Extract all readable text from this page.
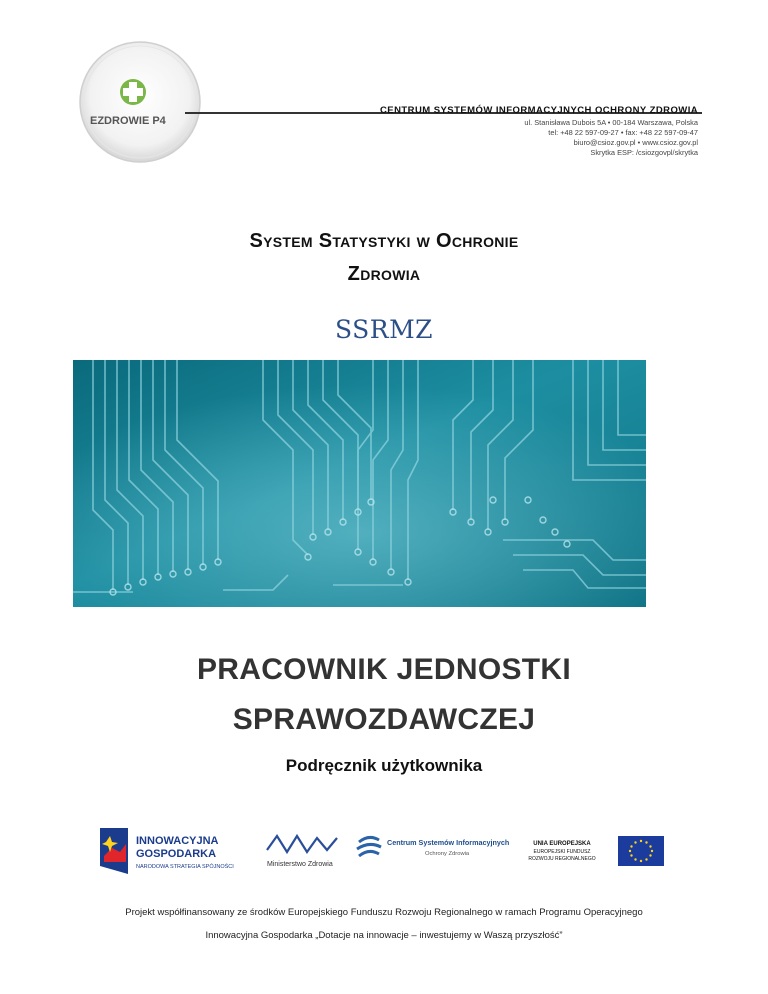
EZDROWIE P4
CENTRUM SYSTEMÓW INFORMACYJNYCH OCHRONY ZDROWIA
ul. Stanisława Dubois 5A • 00-184 Warszawa, Polska
tel: +48 22 597-09-27 • fax: +48 22 597-09-47
biuro@csioz.gov.pl • www.csioz.gov.pl
Skrytka ESP: /csiozgovpl/skrytka
System Statystyki w Ochronie
Zdrowia
SSRMZ
PRACOWNIK JEDNOSTKI
SPRAWOZDAWCZEJ
Podręcznik użytkownika
INNOWACYJNA
GOSPODARKA
NARODOWA STRATEGIA SPÓJNOŚCI	Ministerstwo Zdrowia
Centrum Systemów Informacyjnych
Ochrony Zdrowia
UNIA EUROPEJSKA
EUROPEJSKI FUNDUSZ
ROZWOJU REGIONALNEGO
Projekt współfinansowany ze środków Europejskiego Funduszu Rozwoju Regionalnego w ramach Programu Operacyjnego
Innowacyjna Gospodarka „Dotacje na innowacje – inwestujemy w Waszą przyszłość”
